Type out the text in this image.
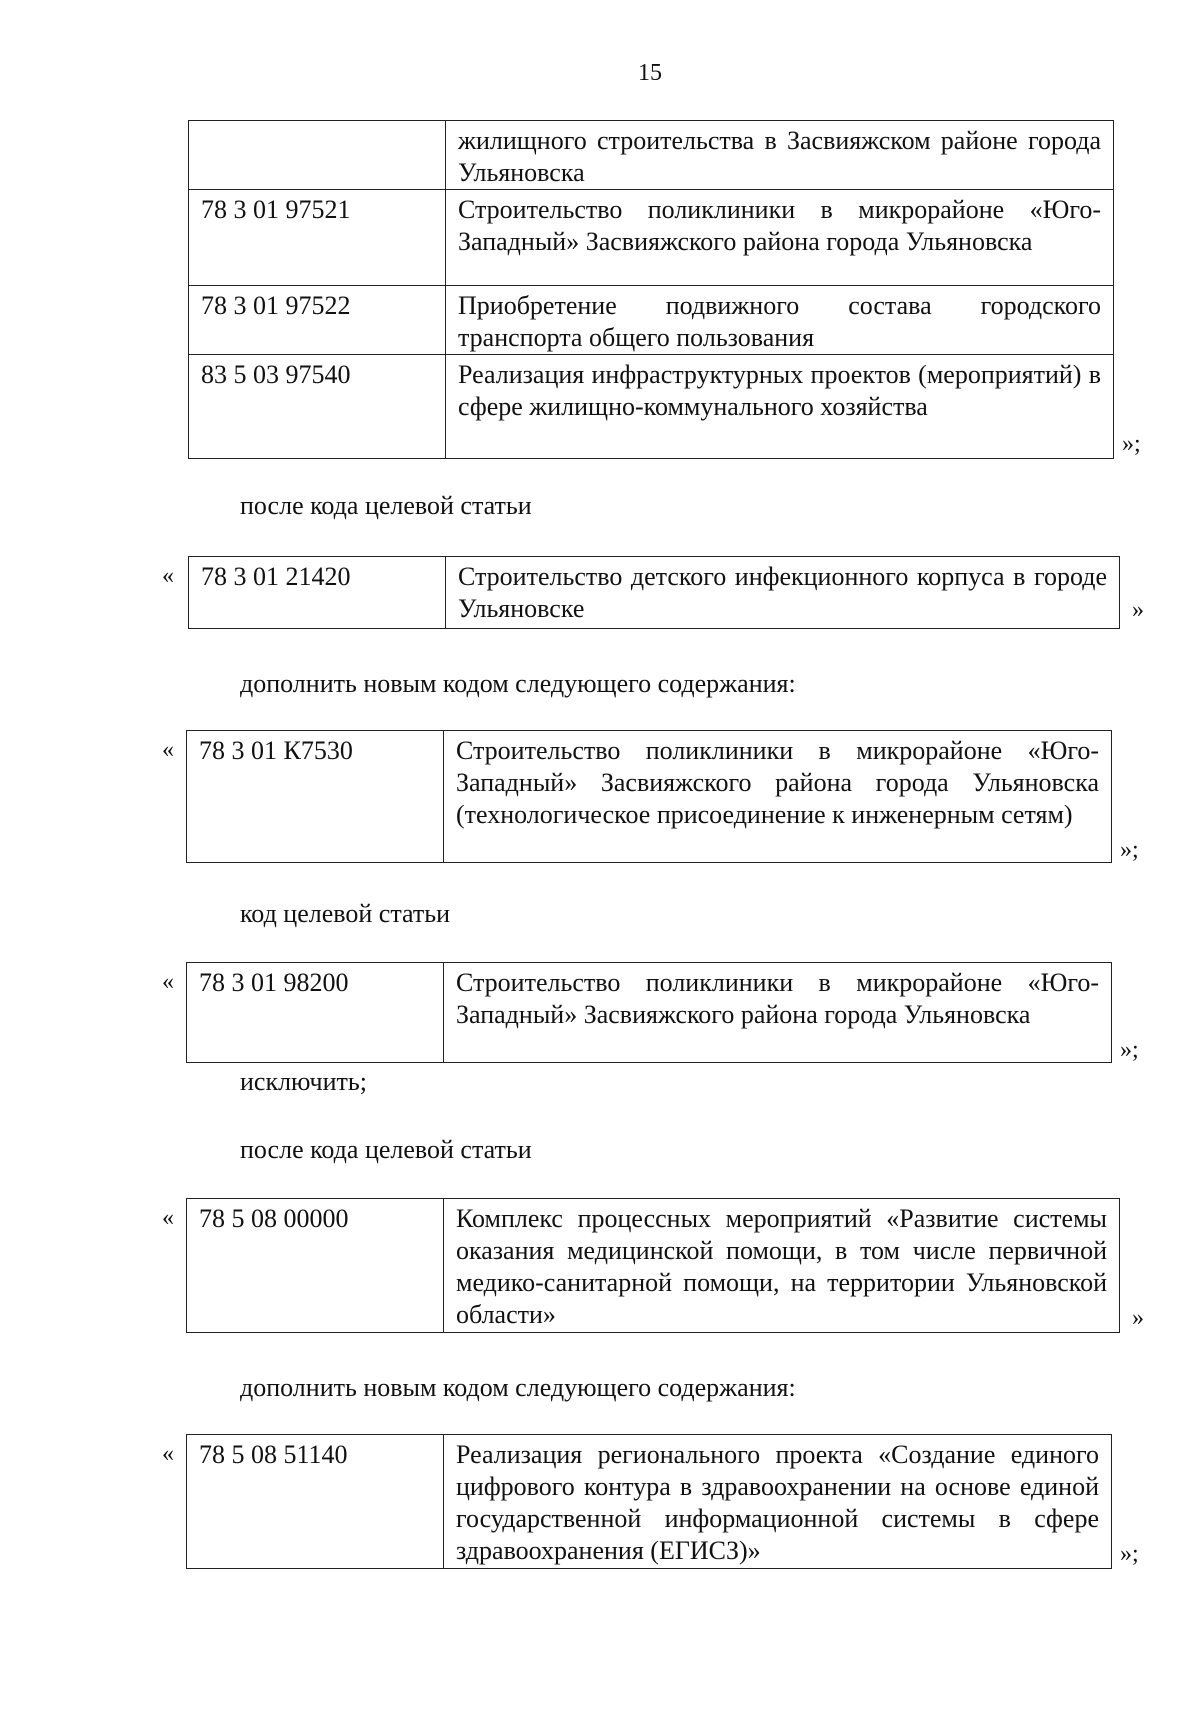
15
	жилищного строительства в Засвияжском районе города Ульяновска
78 3 01 97521	Строительство поликлиники в микрорайоне «Юго-Западный» Засвияжского района города Ульяновска
78 3 01 97522	Приобретение подвижного состава городского транспорта общего пользования
83 5 03 97540	Реализация инфраструктурных проектов (мероприятий) в сфере жилищно-коммунального хозяйства
»;
после кода целевой статьи
« 78 3 01 21420	Строительство детского инфекционного корпуса в городе Ульяновске	»
дополнить новым кодом следующего содержания:
« 78 3 01 К7530	Строительство поликлиники в микрорайоне «Юго-Западный» Засвияжского района города Ульяновска (технологическое присоединение к инженерным сетям)
»;
код целевой статьи
« 78 3 01 98200	Строительство поликлиники в микрорайоне «Юго-Западный» Засвияжского района города Ульяновска
»;
исключить;
после кода целевой статьи
« 78 5 08 00000	Комплекс процессных мероприятий «Развитие системы оказания медицинской помощи, в том числе первичной медико-санитарной помощи, на территории Ульяновской области»	»
дополнить новым кодом следующего содержания:
« 78 5 08 51140	Реализация регионального проекта «Создание единого цифрового контура в здравоохранении на основе единой государственной информационной системы в сфере здравоохранения (ЕГИСЗ)»	»;
